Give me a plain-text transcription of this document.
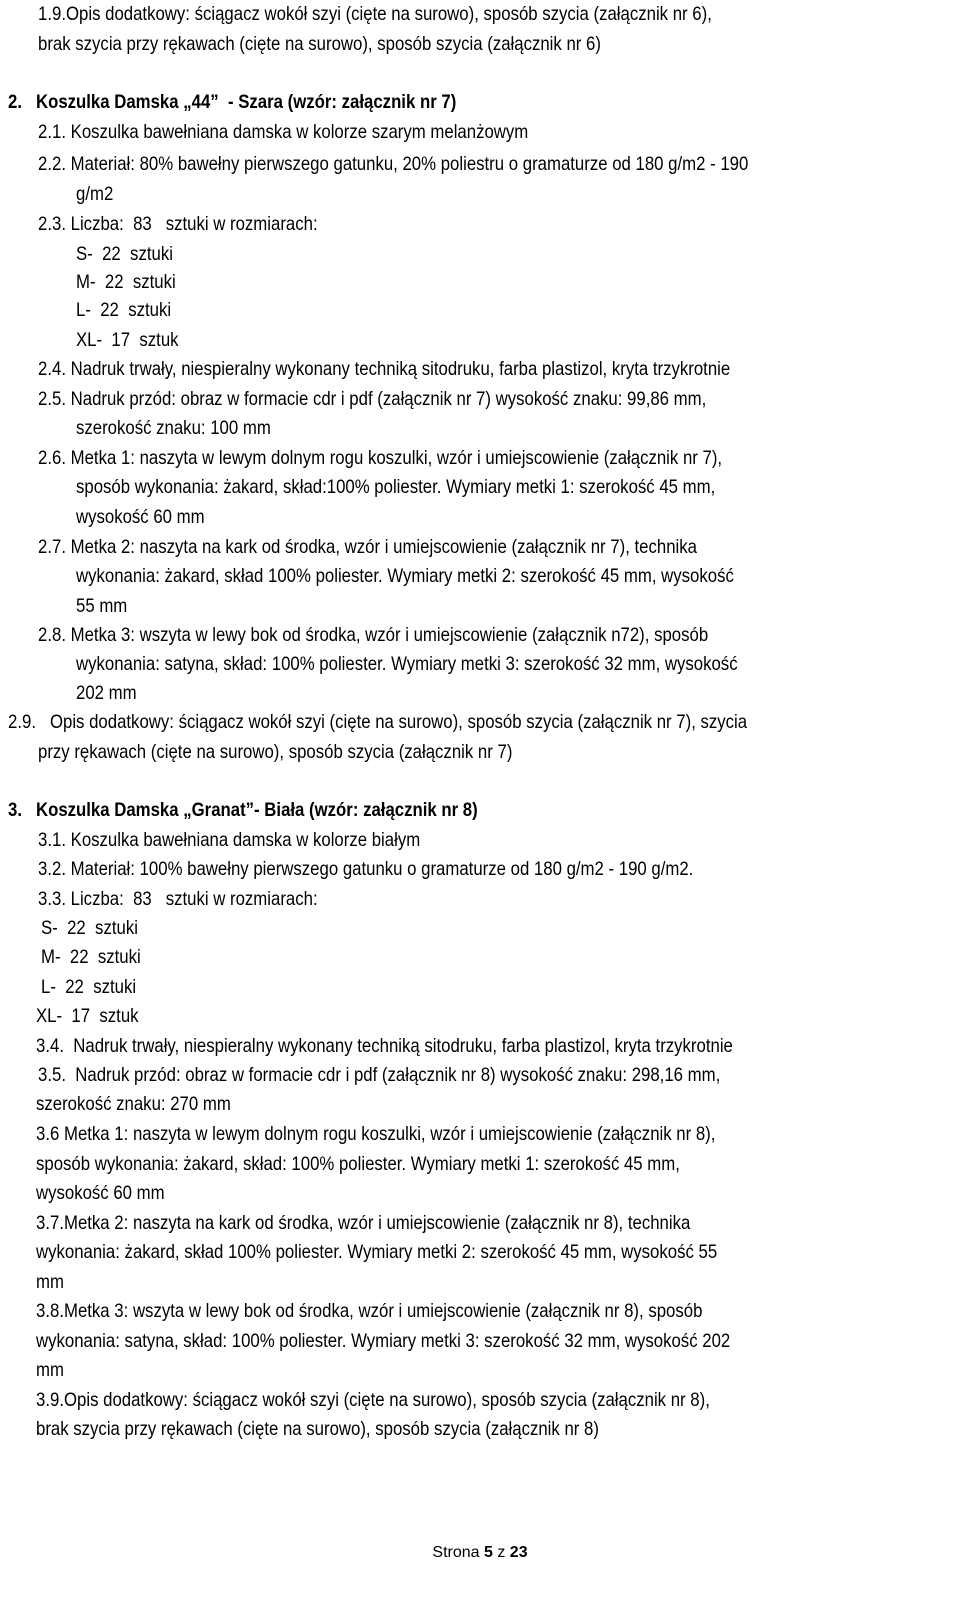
1.9.Opis dodatkowy: ściągacz wokół szyi (cięte na surowo), sposób szycia (załącznik nr 6),
brak szycia przy rękawach (cięte na surowo), sposób szycia (załącznik nr 6)
2.   Koszulka Damska „44”  - Szara (wzór: załącznik nr 7)
2.1. Koszulka bawełniana damska w kolorze szarym melanżowym
2.2. Materiał: 80% bawełny pierwszego gatunku, 20% poliestru o gramaturze od 180 g/m2 - 190
g/m2
2.3. Liczba:  83   sztuki w rozmiarach:
S-  22  sztuki
M-  22  sztuki
L-  22  sztuki
XL-  17  sztuk
2.4. Nadruk trwały, niespieralny wykonany techniką sitodruku, farba plastizol, kryta trzykrotnie
2.5. Nadruk przód: obraz w formacie cdr i pdf (załącznik nr 7) wysokość znaku: 99,86 mm,
szerokość znaku: 100 mm
2.6. Metka 1: naszyta w lewym dolnym rogu koszulki, wzór i umiejscowienie (załącznik nr 7),
sposób wykonania: żakard, skład:100% poliester. Wymiary metki 1: szerokość 45 mm,
wysokość 60 mm
2.7. Metka 2: naszyta na kark od środka, wzór i umiejscowienie (załącznik nr 7), technika
wykonania: żakard, skład 100% poliester. Wymiary metki 2: szerokość 45 mm, wysokość
55 mm
2.8. Metka 3: wszyta w lewy bok od środka, wzór i umiejscowienie (załącznik n72), sposób
wykonania: satyna, skład: 100% poliester. Wymiary metki 3: szerokość 32 mm, wysokość
202 mm
2.9.   Opis dodatkowy: ściągacz wokół szyi (cięte na surowo), sposób szycia (załącznik nr 7), szycia
przy rękawach (cięte na surowo), sposób szycia (załącznik nr 7)
3.   Koszulka Damska „Granat”- Biała (wzór: załącznik nr 8)
3.1. Koszulka bawełniana damska w kolorze białym
3.2. Materiał: 100% bawełny pierwszego gatunku o gramaturze od 180 g/m2 - 190 g/m2.
3.3. Liczba:  83   sztuki w rozmiarach:
S-  22  sztuki
M-  22  sztuki
L-  22  sztuki
XL-  17  sztuk
3.4.  Nadruk trwały, niespieralny wykonany techniką sitodruku, farba plastizol, kryta trzykrotnie
3.5.  Nadruk przód: obraz w formacie cdr i pdf (załącznik nr 8) wysokość znaku: 298,16 mm,
szerokość znaku: 270 mm
3.6 Metka 1: naszyta w lewym dolnym rogu koszulki, wzór i umiejscowienie (załącznik nr 8),
sposób wykonania: żakard, skład: 100% poliester. Wymiary metki 1: szerokość 45 mm,
wysokość 60 mm
3.7.Metka 2: naszyta na kark od środka, wzór i umiejscowienie (załącznik nr 8), technika
wykonania: żakard, skład 100% poliester. Wymiary metki 2: szerokość 45 mm, wysokość 55
mm
3.8.Metka 3: wszyta w lewy bok od środka, wzór i umiejscowienie (załącznik nr 8), sposób
wykonania: satyna, skład: 100% poliester. Wymiary metki 3: szerokość 32 mm, wysokość 202
mm
3.9.Opis dodatkowy: ściągacz wokół szyi (cięte na surowo), sposób szycia (załącznik nr 8),
brak szycia przy rękawach (cięte na surowo), sposób szycia (załącznik nr 8)
Strona 5 z 23
